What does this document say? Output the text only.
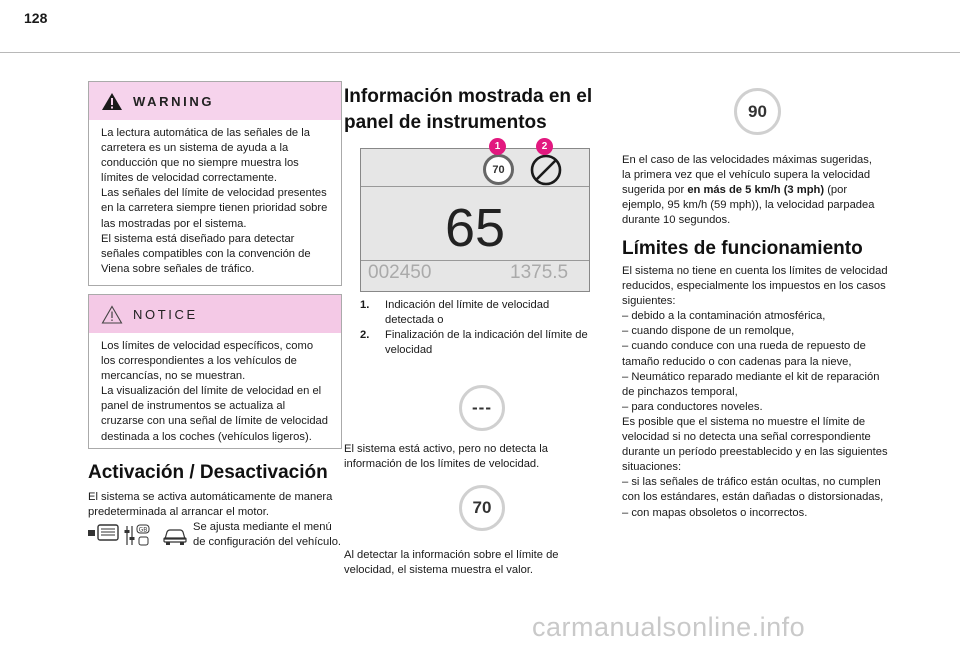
128
WARNING

La lectura automática de las señales de la carretera es un sistema de ayuda a la conducción que no siempre muestra los límites de velocidad correctamente.

Las señales del límite de velocidad presentes en la carretera siempre tienen prioridad sobre las mostradas por el sistema.

El sistema está diseñado para detectar señales compatibles con la convención de Viena sobre señales de tráfico.

NOTICE

Los límites de velocidad específicos, como los correspondientes a los vehículos de mercancías, no se muestran.

La visualización del límite de velocidad en el panel de instrumentos se actualiza al cruzarse con una señal de límite de velocidad destinada a los coches (vehículos ligeros).

Activación / Desactivación
El sistema se activa automáticamente de manera predeterminada al arrancar el motor.
GB	Se ajusta mediante el menú

de configuración del vehículo.

Información mostrada en el
panel de instrumentos
70
1	2
65
002450	1375.5
1.	Indicación del límite de velocidad detectada o
2.	Finalización de la indicación del límite de velocidad
---
El sistema está activo, pero no detecta la información de los límites de velocidad.
70
Al detectar la información sobre el límite de velocidad, el sistema muestra el valor.
90
En el caso de las velocidades máximas sugeridas, la primera vez que el vehículo supera la velocidad sugerida por en más de 5 km/h (3 mph) (por ejemplo, 95 km/h (59 mph)), la velocidad parpadea durante 10 segundos.
Límites de funcionamiento

El sistema no tiene en cuenta los límites de velocidad reducidos, especialmente los impuestos en los casos siguientes:

– debido a la contaminación atmosférica,

– cuando dispone de un remolque,

– cuando conduce con una rueda de repuesto de tamaño reducido o con cadenas para la nieve,

– Neumático reparado mediante el kit de reparación de pinchazos temporal,

– para conductores noveles.

Es posible que el sistema no muestre el límite de velocidad si no detecta una señal correspondiente durante un período preestablecido y en las siguientes situaciones:

– si las señales de tráfico están ocultas, no cumplen con los estándares, están dañadas o distorsionadas,

– con mapas obsoletos o incorrectos.

carmanualsonline.info
